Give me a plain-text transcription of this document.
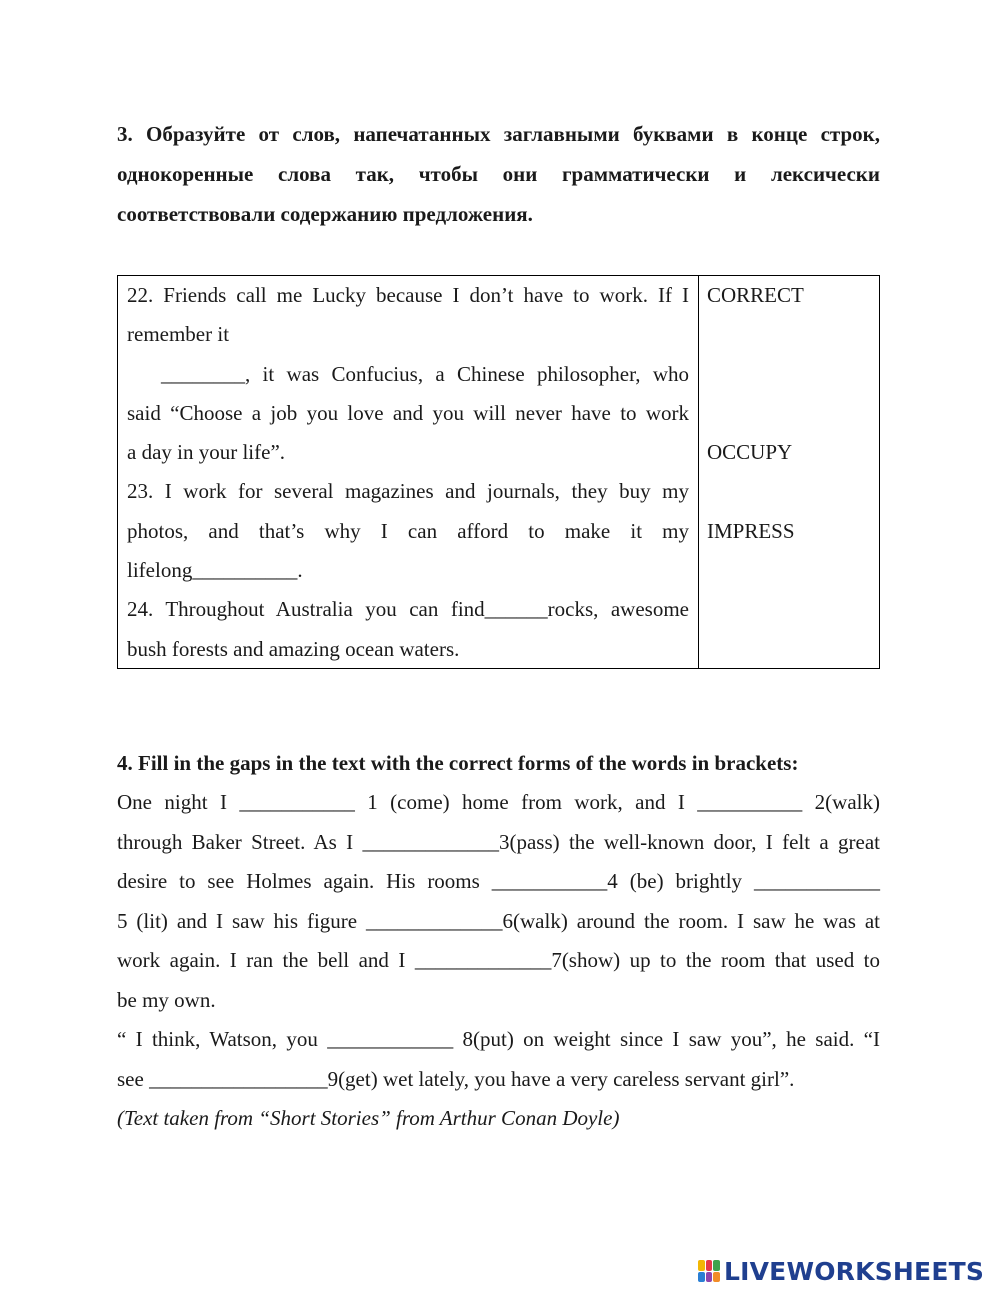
3. Образуйте от слов, напечатанных заглавными буквами в конце строк,
однокоренные слова так, чтобы они грамматически и лексически
соответствовали содержанию предложения.
22. Friends call me Lucky because I don’t have to work. If I
remember it
________, it was Confucius, a Chinese philosopher, who
said “Choose a job you love and you will never have to work
a day in your life”.
23. I work for several magazines and journals, they buy my
photos, and that’s why I can afford to make it my
lifelong__________.
24. Throughout Australia you can find______rocks, awesome
bush forests and amazing ocean waters.
CORRECT
OCCUPY
IMPRESS
4. Fill in the gaps in the text with the correct forms of the words in brackets:
One night I ___________ 1 (come) home from work, and I __________ 2(walk)
through Baker Street. As I _____________3(pass) the well-known door, I felt a great
desire to see Holmes again. His rooms ___________4 (be) brightly ____________
5 (lit) and I saw his figure _____________6(walk) around the room. I saw he was at
work again. I ran the bell and I _____________7(show) up to the room that used to
be my own.
“ I think, Watson, you ____________ 8(put) on weight since I saw you”, he said. “I
see _________________9(get) wet lately, you have a very careless servant girl”.
(Text taken from “Short Stories” from Arthur Conan Doyle)
LIVEWORKSHEETS
